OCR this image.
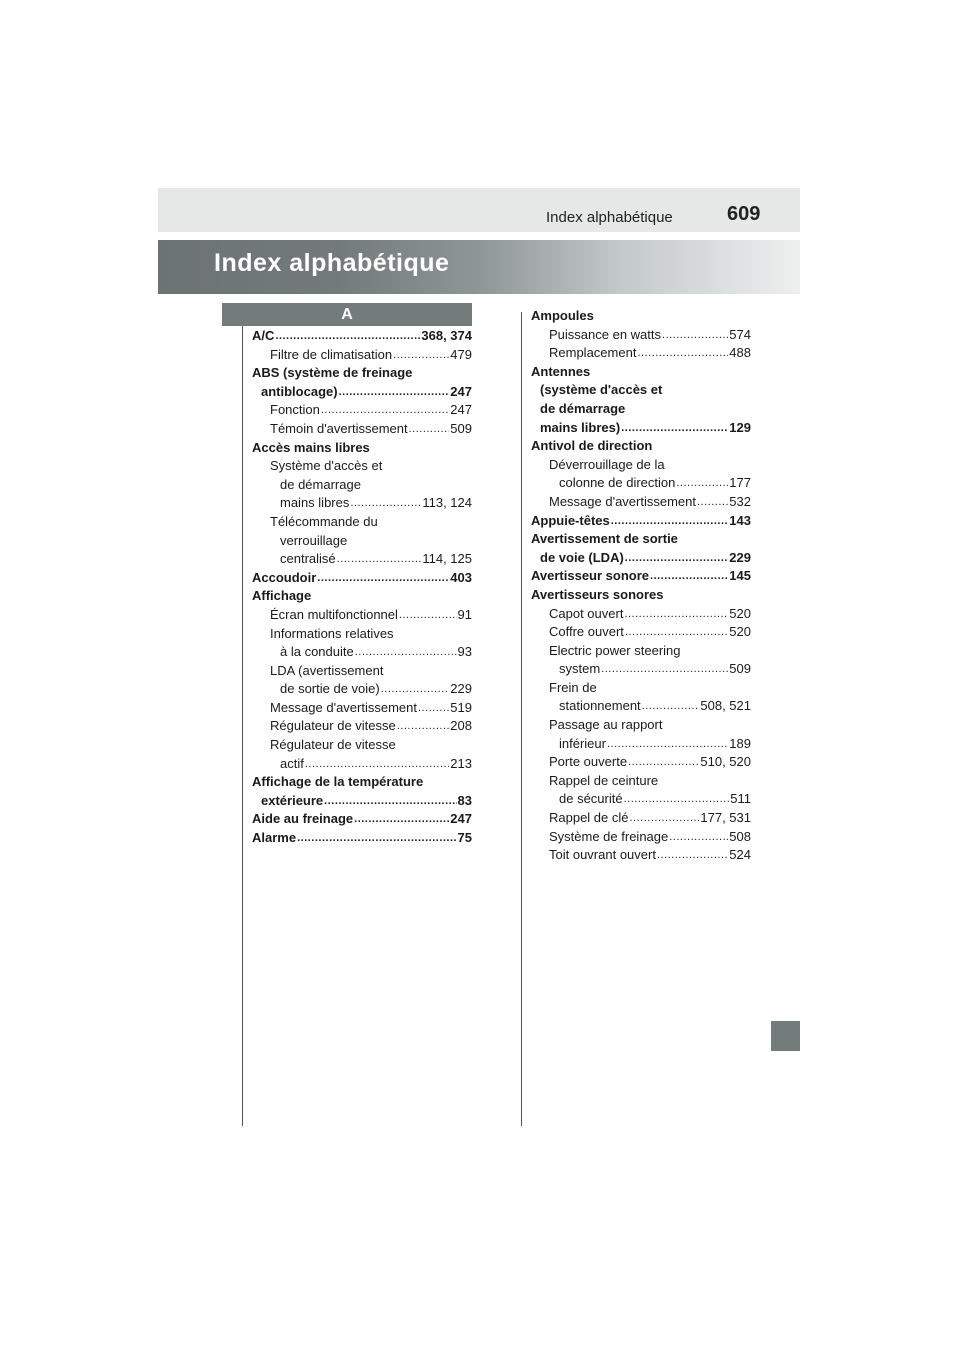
Index alphabétique	609
Index alphabétique
A
A/C .....	368, 374
Filtre de climatisation .....	479
ABS (système de freinage
antiblocage) .....	247
Fonction .....	247
Témoin d'avertissement .....	509
Accès mains libres
Système d'accès et
de démarrage
mains libres .....	113, 124
Télécommande du
verrouillage
centralisé .....	114, 125
Accoudoir .....	403
Affichage
Écran multifonctionnel .....	91
Informations relatives
à la conduite .....	93
LDA (avertissement
de sortie de voie) .....	229
Message d'avertissement .....	519
Régulateur de vitesse .....	208
Régulateur de vitesse
actif .....	213
Affichage de la température
extérieure .....	83
Aide au freinage .....	247
Alarme .....	75
Ampoules
Puissance en watts .....	574
Remplacement .....	488
Antennes
(système d'accès et
de démarrage
mains libres) .....	129
Antivol de direction
Déverrouillage de la
colonne de direction .....	177
Message d'avertissement .....	532
Appuie-têtes .....	143
Avertissement de sortie
de voie (LDA) .....	229
Avertisseur sonore .....	145
Avertisseurs sonores
Capot ouvert .....	520
Coffre ouvert .....	520
Electric power steering
system .....	509
Frein de
stationnement .....	508, 521
Passage au rapport
inférieur .....	189
Porte ouverte .....	510, 520
Rappel de ceinture
de sécurité .....	511
Rappel de clé .....	177, 531
Système de freinage .....	508
Toit ouvrant ouvert .....	524
